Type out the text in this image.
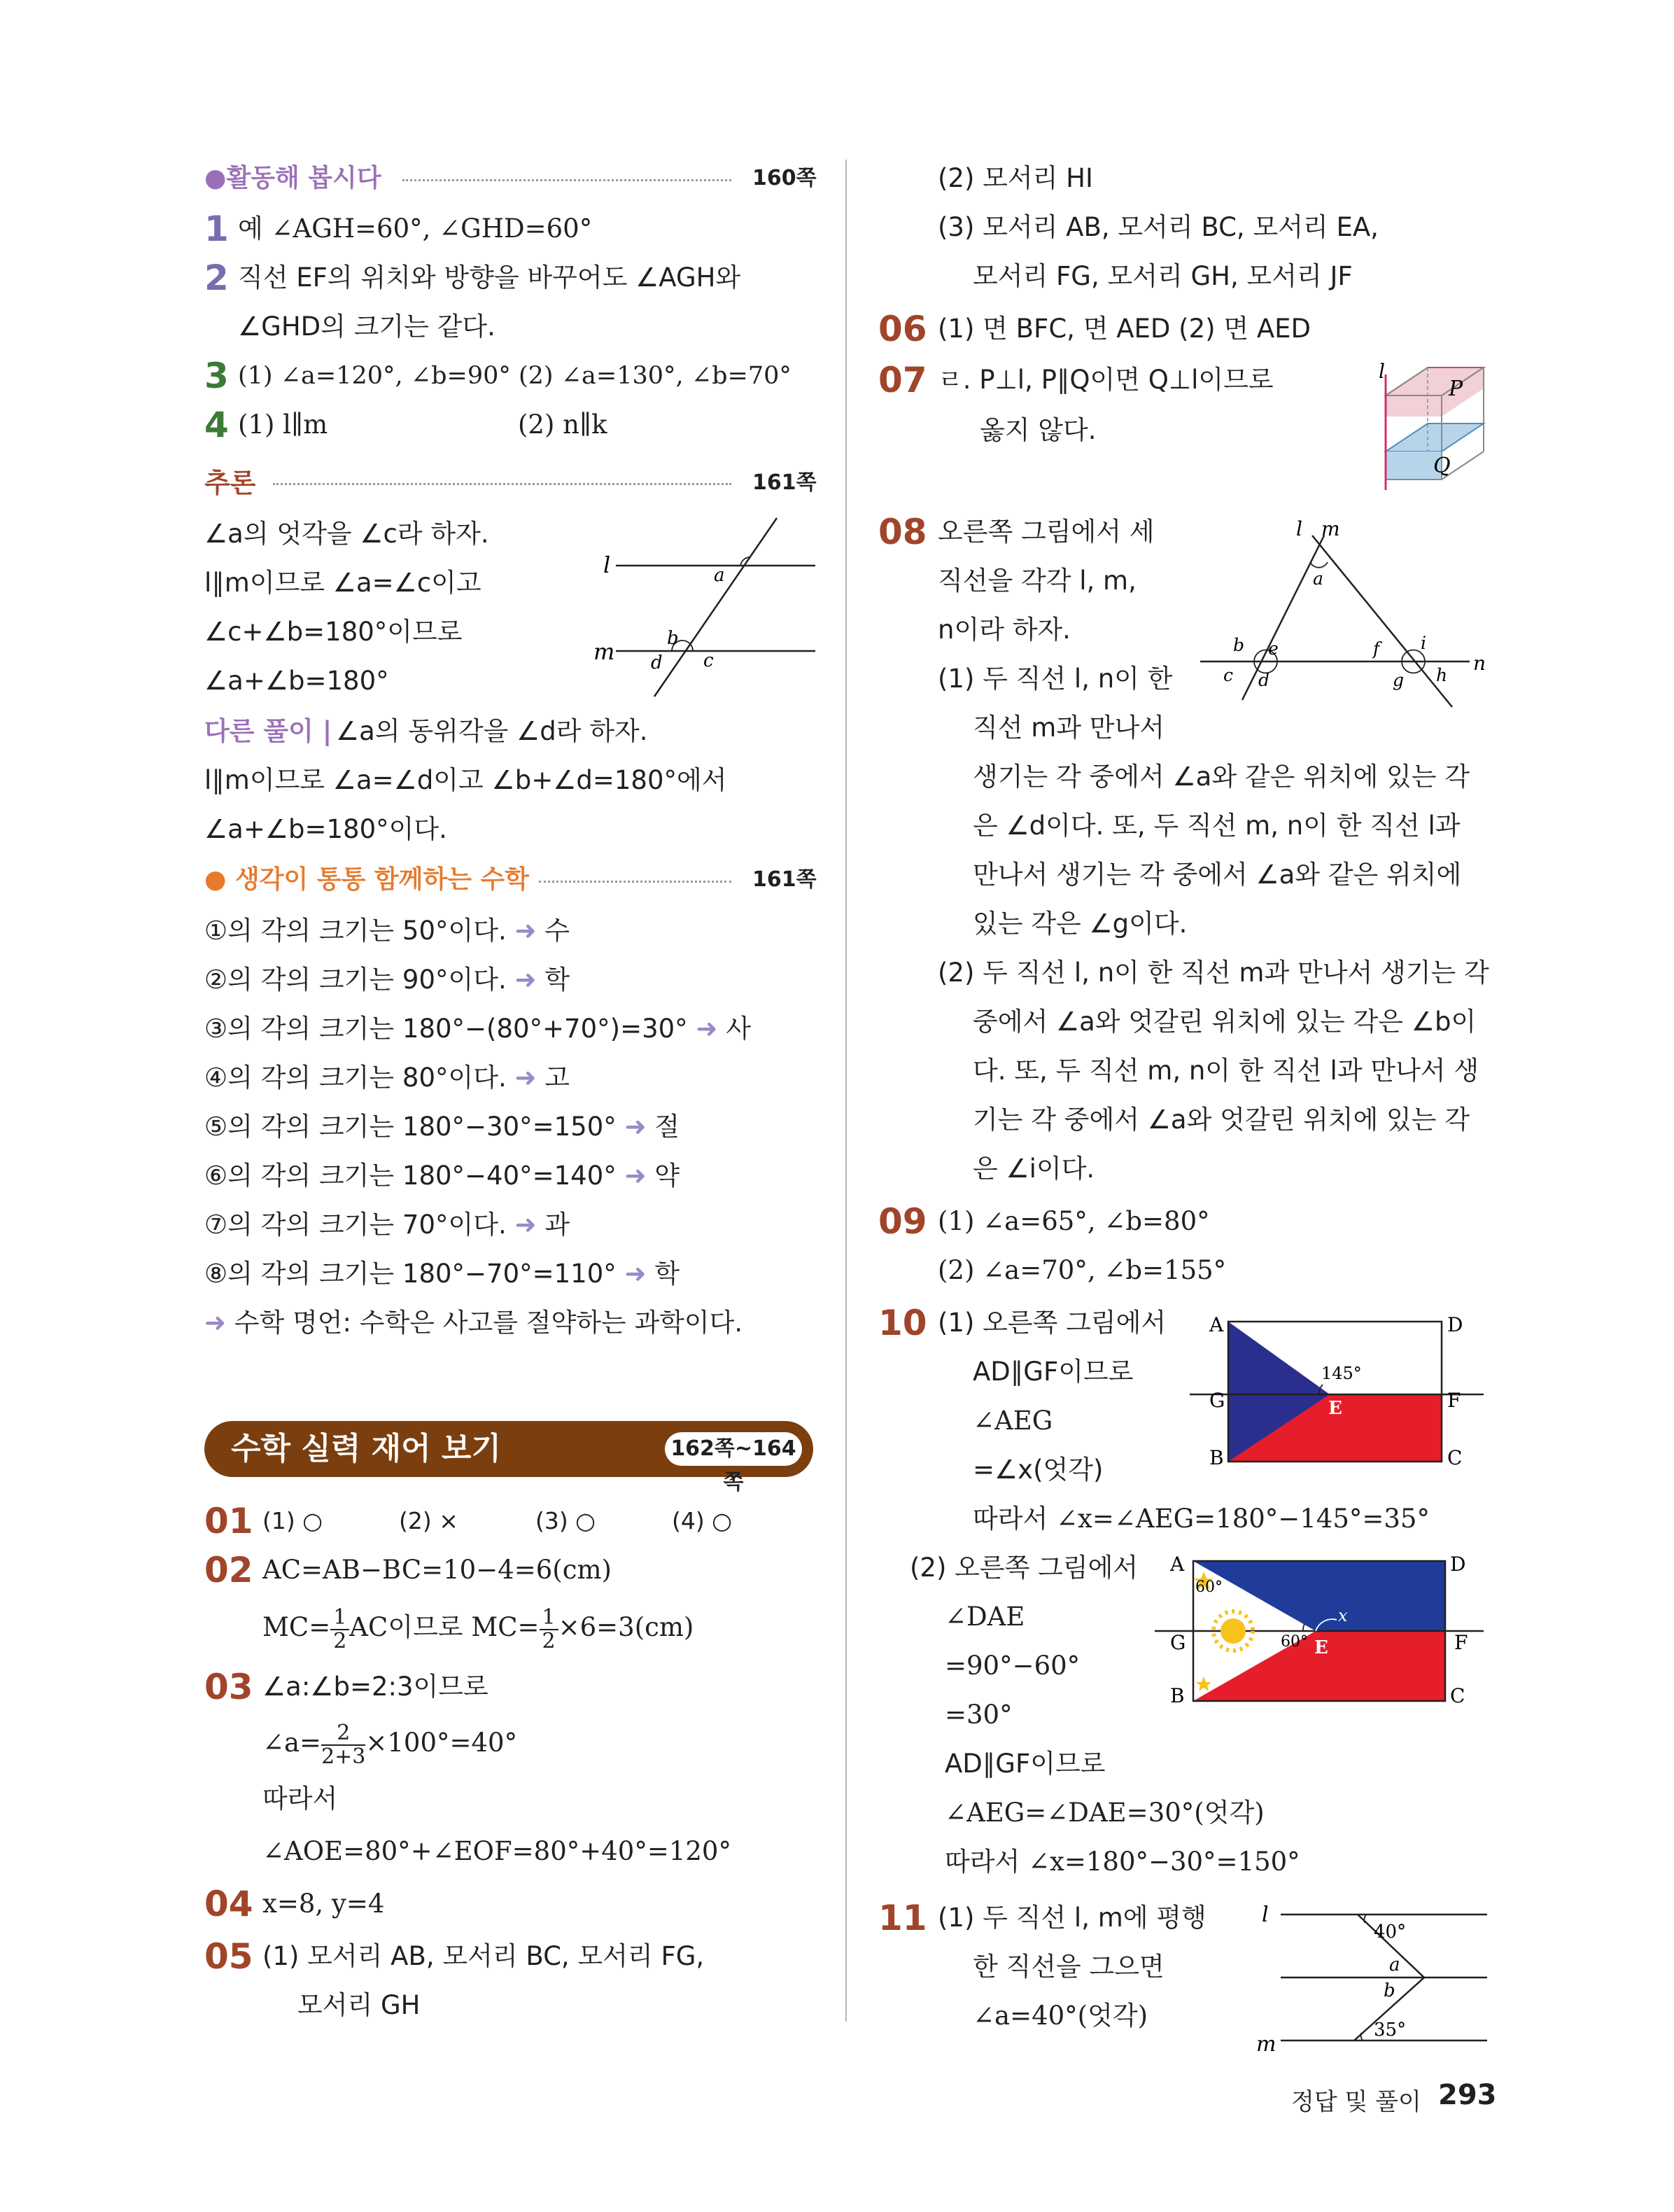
●활동해 봅시다	160쪽
1 예 ∠AGH=60°, ∠GHD=60°
2 직선 EF의 위치와 방향을 바꾸어도 ∠AGH와
∠GHD의 크기는 같다.
3 (1) ∠a=120°, ∠b=90° (2) ∠a=130°, ∠b=70°
4 (1) l∥m	(2) n∥k
추론	161쪽
∠a의 엇각을 ∠c라 하자.
l∥m이므로 ∠a=∠c이고
∠c+∠b=180°이므로
∠a+∠b=180°
l
m
a
b
c
d
다른 풀이 | ∠a의 동위각을 ∠d라 하자.
l∥m이므로 ∠a=∠d이고 ∠b+∠d=180°에서
∠a+∠b=180°이다.
● 생각이 통통 함께하는 수학	161쪽
①의 각의 크기는 50°이다. ➜ 수
②의 각의 크기는 90°이다. ➜ 학
③의 각의 크기는 180°−(80°+70°)=30° ➜ 사
④의 각의 크기는 80°이다. ➜ 고
⑤의 각의 크기는 180°−30°=150° ➜ 절
⑥의 각의 크기는 180°−40°=140° ➜ 약
⑦의 각의 크기는 70°이다. ➜ 과
⑧의 각의 크기는 180°−70°=110° ➜ 학
➜ 수학 명언: 수학은 사고를 절약하는 과학이다.
수학 실력 재어 보기	162쪽~164쪽
01 (1) ○	(2) ×	(3) ○	(4) ○
02 AC=AB−BC=10−4=6(cm)
$MC= \frac{1}{2}$ AC이므로 $MC= \frac{1}{2} \times 6=3(cm)$
03 ∠a:∠b=2:3이므로
∠a= $\frac{2}{2+3} \times 100^\circ=40^\circ$
따라서
∠AOE=80°+∠EOF=80°+40°=120°
04 x=8, y=4
05 (1) 모서리 AB, 모서리 BC, 모서리 FG,
모서리 GH
(2) 모서리 HI
(3) 모서리 AB, 모서리 BC, 모서리 EA,
모서리 FG, 모서리 GH, 모서리 JF
06 (1) 면 BFC, 면 AED (2) 면 AED
07 ㄹ. P⊥l, P∥Q이면 Q⊥l이므로
옳지 않다.
l
P
Q
08 오른쪽 그림에서 세
직선을 각각 l, m,
n이라 하자.
(1) 두 직선 l, n이 한
직선 m과 만나서
l m
n
a
b e
c d
f i
g h
생기는 각 중에서 ∠a와 같은 위치에 있는 각
은 ∠d이다. 또, 두 직선 m, n이 한 직선 l과
만나서 생기는 각 중에서 ∠a와 같은 위치에
있는 각은 ∠g이다.
(2) 두 직선 l, n이 한 직선 m과 만나서 생기는 각
중에서 ∠a와 엇갈린 위치에 있는 각은 ∠b이
다. 또, 두 직선 m, n이 한 직선 l과 만나서 생
기는 각 중에서 ∠a와 엇갈린 위치에 있는 각
은 ∠i이다.
09 (1) ∠a=65°, ∠b=80°
(2) ∠a=70°, ∠b=155°
10 (1) 오른쪽 그림에서
AD∥GF이므로
∠AEG
=∠x(엇각)
A	D
G	F
B	C
E
x
145°
따라서 ∠x=∠AEG=180°−145°=35°
(2) 오른쪽 그림에서
∠DAE
=90°−60°
=30°
A	D
G	F
B	C
E
x
60°
60°
AD∥GF이므로
∠AEG=∠DAE=30°(엇각)
따라서 ∠x=180°−30°=150°
11 (1) 두 직선 l, m에 평행
한 직선을 그으면
∠a=40°(엇각)
l
m
40°
a
b
35°
정답 및 풀이 293
